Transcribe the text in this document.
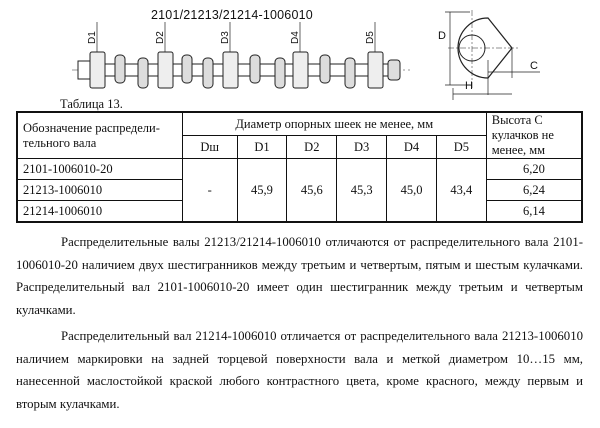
2101/21213/21214-1006010
D1	D2	D3	D4	D5	D
H
C
Таблица 13.
Обозначение распредели-тельного вала	Диаметр опорных шеек не менее, мм						Высота С кулачков не менее, мм
	Dш	D1	D2	D3	D4	D5	
2101-1006010-20	-	45,9	45,6	45,3	45,0	43,4	6,20
21213-1006010							6,24
21214-1006010							6,14

Распределительные валы 21213/21214-1006010 отличаются от распределительного вала 2101-1006010-20 наличием двух шестигранников между третьим и четвертым, пятым и шестым кулачками. Распределительный вал 2101-1006010-20 имеет один шестигранник между третьим и четвертым кулачками.

Распределительный вал 21214-1006010 отличается от распределительного вала 21213-1006010 наличием маркировки на задней торцевой поверхности вала и меткой диаметром 10…15 мм, нанесенной маслостойкой краской любого контрастного цвета, кроме красного, между первым и вторым кулачками.
